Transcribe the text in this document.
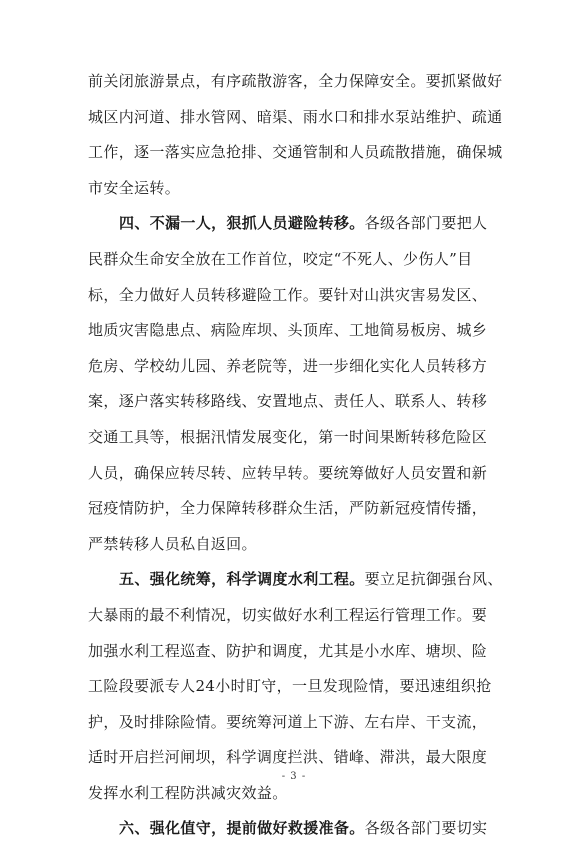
前关闭旅游景点，有序疏散游客，全力保障安全。要抓紧做好
城区内河道、排水管网、暗渠、雨水口和排水泵站维护、疏通
工作，逐一落实应急抢排、交通管制和人员疏散措施，确保城
市安全运转。
四、不漏一人，狠抓人员避险转移。各级各部门要把人
民群众生命安全放在工作首位，咬定“不死人、少伤人”目
标，全力做好人员转移避险工作。要针对山洪灾害易发区、
地质灾害隐患点、病险库坝、头顶库、工地简易板房、城乡
危房、学校幼儿园、养老院等，进一步细化实化人员转移方
案，逐户落实转移路线、安置地点、责任人、联系人、转移
交通工具等，根据汛情发展变化，第一时间果断转移危险区
人员，确保应转尽转、应转早转。要统筹做好人员安置和新
冠疫情防护，全力保障转移群众生活，严防新冠疫情传播，
严禁转移人员私自返回。
五、强化统筹，科学调度水利工程。要立足抗御强台风、
大暴雨的最不利情况，切实做好水利工程运行管理工作。要
加强水利工程巡查、防护和调度，尤其是小水库、塘坝、险
工险段要派专人24小时盯守，一旦发现险情，要迅速组织抢
护，及时排除险情。要统筹河道上下游、左右岸、干支流，
适时开启拦河闸坝，科学调度拦洪、错峰、滞洪，最大限度
发挥水利工程防洪减灾效益。
六、强化值守，提前做好救援准备。各级各部门要切实
- 3 -
